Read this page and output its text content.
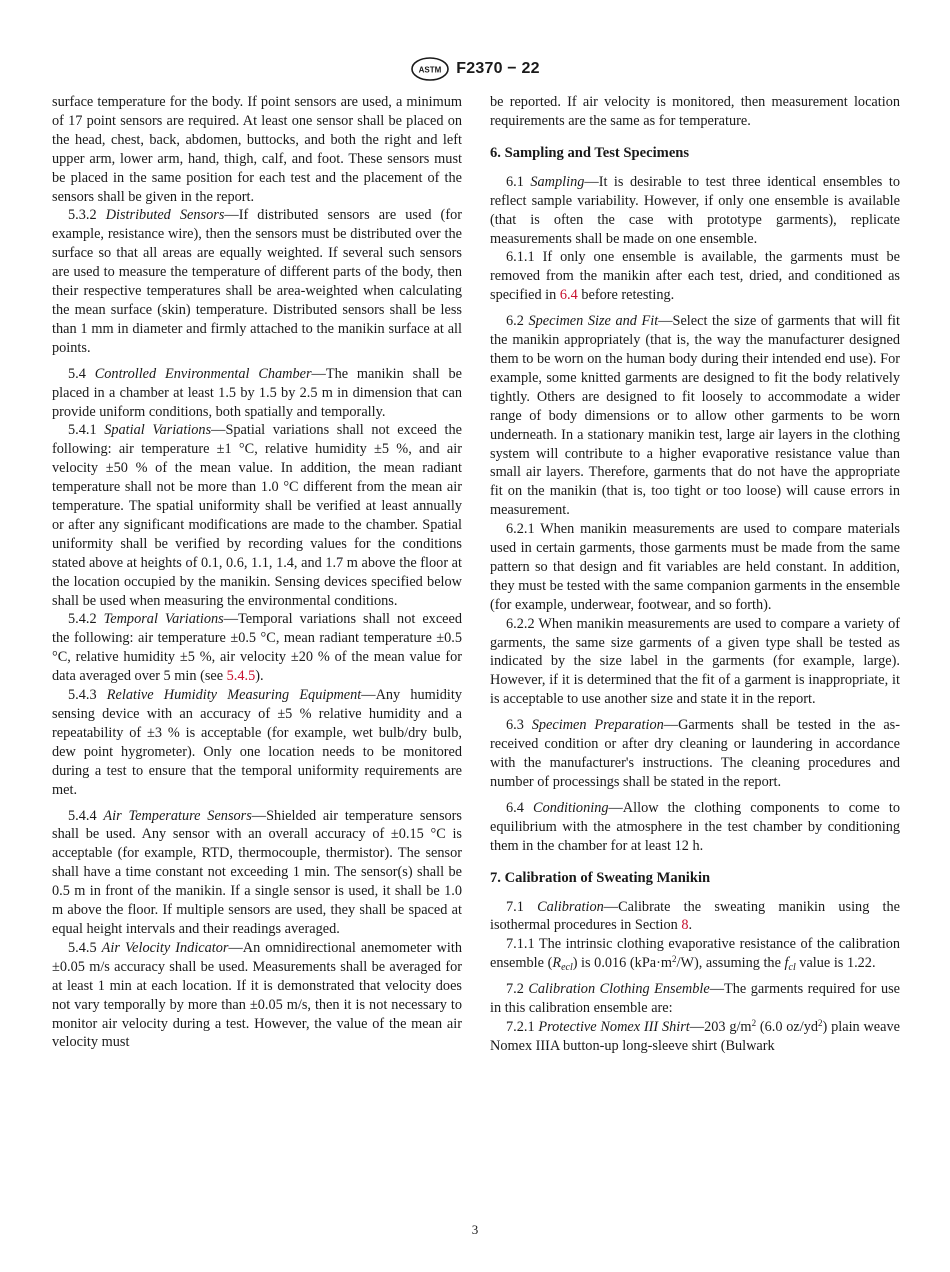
ASTM F2370 − 22

surface temperature for the body. If point sensors are used, a minimum of 17 point sensors are required. At least one sensor shall be placed on the head, chest, back, abdomen, buttocks, and both the right and left upper arm, lower arm, hand, thigh, calf, and foot. These sensors must be placed in the same position for each test and the placement of the sensors shall be given in the report.

5.3.2 Distributed Sensors—If distributed sensors are used (for example, resistance wire), then the sensors must be distributed over the surface so that all areas are equally weighted. If several such sensors are used to measure the temperature of different parts of the body, then their respective temperatures shall be area-weighted when calculating the mean surface (skin) temperature. Distributed sensors shall be less than 1 mm in diameter and firmly attached to the manikin surface at all points.

5.4 Controlled Environmental Chamber—The manikin shall be placed in a chamber at least 1.5 by 1.5 by 2.5 m in dimension that can provide uniform conditions, both spatially and temporally.

5.4.1 Spatial Variations—Spatial variations shall not exceed the following: air temperature ±1 °C, relative humidity ±5 %, and air velocity ±50 % of the mean value. In addition, the mean radiant temperature shall not be more than 1.0 °C different from the mean air temperature. The spatial uniformity shall be verified at least annually or after any significant modifications are made to the chamber. Spatial uniformity shall be verified by recording values for the conditions stated above at heights of 0.1, 0.6, 1.1, 1.4, and 1.7 m above the floor at the location occupied by the manikin. Sensing devices specified below shall be used when measuring the environmental conditions.

5.4.2 Temporal Variations—Temporal variations shall not exceed the following: air temperature ±0.5 °C, mean radiant temperature ±0.5 °C, relative humidity ±5 %, air velocity ±20 % of the mean value for data averaged over 5 min (see 5.4.5).

5.4.3 Relative Humidity Measuring Equipment—Any humidity sensing device with an accuracy of ±5 % relative humidity and a repeatability of ±3 % is acceptable (for example, wet bulb/dry bulb, dew point hygrometer). Only one location needs to be monitored during a test to ensure that the temporal uniformity requirements are met.

5.4.4 Air Temperature Sensors—Shielded air temperature sensors shall be used. Any sensor with an overall accuracy of ±0.15 °C is acceptable (for example, RTD, thermocouple, thermistor). The sensor shall have a time constant not exceeding 1 min. The sensor(s) shall be 0.5 m in front of the manikin. If a single sensor is used, it shall be 1.0 m above the floor. If multiple sensors are used, they shall be spaced at equal height intervals and their readings averaged.

5.4.5 Air Velocity Indicator—An omnidirectional anemometer with ±0.05 m/s accuracy shall be used. Measurements shall be averaged for at least 1 min at each location. If it is demonstrated that velocity does not vary temporally by more than ±0.05 m/s, then it is not necessary to monitor air velocity during a test. However, the value of the mean air velocity must

be reported. If air velocity is monitored, then measurement location requirements are the same as for temperature.

6. Sampling and Test Specimens

6.1 Sampling—It is desirable to test three identical ensembles to reflect sample variability. However, if only one ensemble is available (that is often the case with prototype garments), replicate measurements shall be made on one ensemble.

6.1.1 If only one ensemble is available, the garments must be removed from the manikin after each test, dried, and conditioned as specified in 6.4 before retesting.

6.2 Specimen Size and Fit—Select the size of garments that will fit the manikin appropriately (that is, the way the manufacturer designed them to be worn on the human body during their intended end use). For example, some knitted garments are designed to fit the body relatively tightly. Others are designed to fit loosely to accommodate a wider range of body dimensions or to allow other garments to be worn underneath. In a stationary manikin test, large air layers in the clothing system will contribute to a higher evaporative resistance value than small air layers. Therefore, garments that do not have the appropriate fit on the manikin (that is, too tight or too loose) will cause errors in measurement.

6.2.1 When manikin measurements are used to compare materials used in certain garments, those garments must be made from the same pattern so that design and fit variables are held constant. In addition, they must be tested with the same companion garments in the ensemble (for example, underwear, footwear, and so forth).

6.2.2 When manikin measurements are used to compare a variety of garments, the same size garments of a given type shall be tested as indicated by the size label in the garments (for example, large). However, if it is determined that the fit of a garment is inappropriate, it is acceptable to use another size and state it in the report.

6.3 Specimen Preparation—Garments shall be tested in the as-received condition or after dry cleaning or laundering in accordance with the manufacturer's instructions. The cleaning procedures and number of processings shall be stated in the report.

6.4 Conditioning—Allow the clothing components to come to equilibrium with the atmosphere in the test chamber by conditioning them in the chamber for at least 12 h.

7. Calibration of Sweating Manikin

7.1 Calibration—Calibrate the sweating manikin using the isothermal procedures in Section 8.

7.1.1 The intrinsic clothing evaporative resistance of the calibration ensemble $(R_{ecl})$ is 0.016 $(kPa\cdot m^2/W)$, assuming the $f_{cl}$ value is 1.22.

7.2 Calibration Clothing Ensemble—The garments required for use in this calibration ensemble are:

7.2.1 Protective Nomex III Shirt—203 $g/m^2$ (6.0 $oz/yd^2$) plain weave Nomex IIIA button-up long-sleeve shirt (Bulwark

3
